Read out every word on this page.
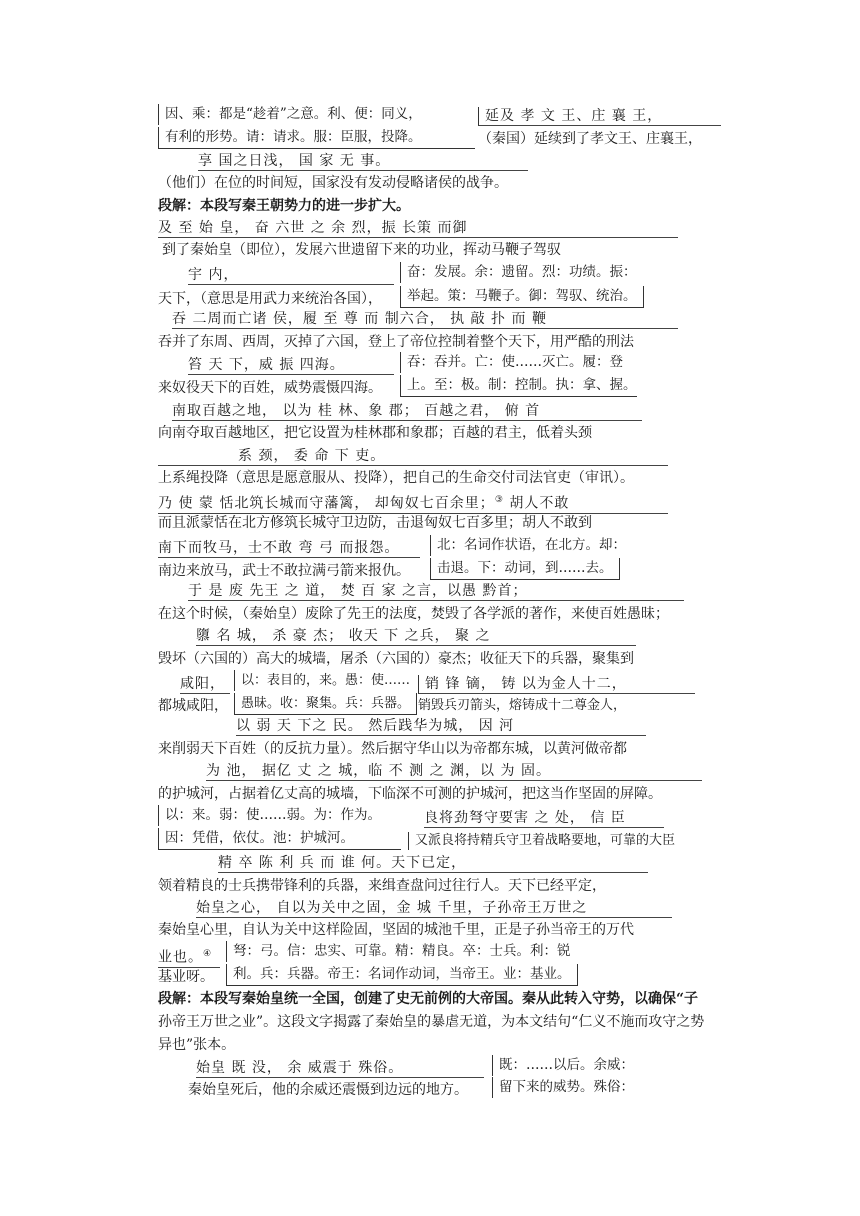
因、乘：都是“趁着”之意。利、便：同义，
有利的形势。请：请求。服：臣服，投降。
延及 孝 文 王、庄 襄 王，
（秦国）延续到了孝文王、庄襄王，
享 国之日浅， 国 家 无 事。
（他们）在位的时间短，国家没有发动侵略诸侯的战争。
段解：本段写秦王朝势力的进一步扩大。
及 至 始 皇， 奋 六世 之 余 烈，振 长策 而御
到了秦始皇（即位），发展六世遗留下来的功业，挥动马鞭子驾驭
宇 内，	奋：发展。余：遗留。烈：功绩。振：
天下，（意思是用武力来统治各国），	举起。策：马鞭子。御：驾驭、统治。
吞 二周而亡诸 侯，履 至 尊 而 制六合， 执 敲 扑 而 鞭
吞并了东周、西周，灭掉了六国，登上了帝位控制着整个天下，用严酷的刑法
笞 天 下，威 振 四海。	吞：吞并。亡：使……灭亡。履：登
来奴役天下的百姓，威势震慑四海。	上。至：极。制：控制。执：拿、握。
南取百越之地， 以为 桂 林、象 郡； 百越之君， 俯 首
向南夺取百越地区，把它设置为桂林郡和象郡；百越的君主，低着头颈
系 颈， 委 命 下 吏。
上系绳投降（意思是愿意服从、投降），把自己的生命交付司法官吏（审讯）。
乃 使 蒙 恬北筑长城而守藩篱， 却匈奴七百余里；③ 胡人不敢
而且派蒙恬在北方修筑长城守卫边防，击退匈奴七百多里；胡人不敢到
南下而牧马，士不敢 弯 弓 而报怨。	北：名词作状语，在北方。却：
南边来放马，武士不敢拉满弓箭来报仇。	击退。下：动词，到……去。
于 是 废 先王 之 道， 焚 百 家 之言，以愚 黔首；
在这个时候，（秦始皇）废除了先王的法度，焚毁了各学派的著作，来使百姓愚昧；
隳 名 城， 杀 豪 杰； 收天 下 之兵， 聚 之
毁坏（六国的）高大的城墙，屠杀（六国的）豪杰；收征天下的兵器，聚集到
咸阳，	以：表目的，来。愚：使……	销 锋 镝， 铸 以为金人十二，
都城咸阳，	愚昧。收：聚集。兵：兵器。 销毁兵刃箭头，熔铸成十二尊金人，
以 弱 天 下之 民。 然后践华为城， 因 河
来削弱天下百姓（的反抗力量）。然后据守华山以为帝都东城，以黄河做帝都
为 池， 据亿 丈 之 城，临 不 测 之 渊，以 为 固。
的护城河，占据着亿丈高的城墙，下临深不可测的护城河，把这当作坚固的屏障。
以：来。弱：使……弱。为：作为。	良将劲弩守要害 之 处， 信 臣
因：凭借，依仗。池：护城河。	又派良将持精兵守卫着战略要地，可靠的大臣
精 卒 陈 利 兵 而 谁 何。天下已定，
领着精良的士兵携带锋利的兵器，来缉查盘问过往行人。天下已经平定，
始皇之心， 自以为关中之固，金 城 千里，子孙帝王万世之
秦始皇心里，自认为关中这样险固，坚固的城池千里，正是子孙当帝王的万代
业也。④	弩：弓。信：忠实、可靠。精：精良。卒：士兵。利：锐
基业呀。	利。兵：兵器。帝王：名词作动词，当帝王。业：基业。
段解：本段写秦始皇统一全国，创建了史无前例的大帝国。秦从此转入守势，以确保“子
孙帝王万世之业”。这段文字揭露了秦始皇的暴虐无道，为本文结句“仁义不施而攻守之势
异也”张本。
始皇 既 没， 余 威震于 殊俗。	既：……以后。余威：
秦始皇死后，他的余威还震慑到边远的地方。	留下来的威势。殊俗：
